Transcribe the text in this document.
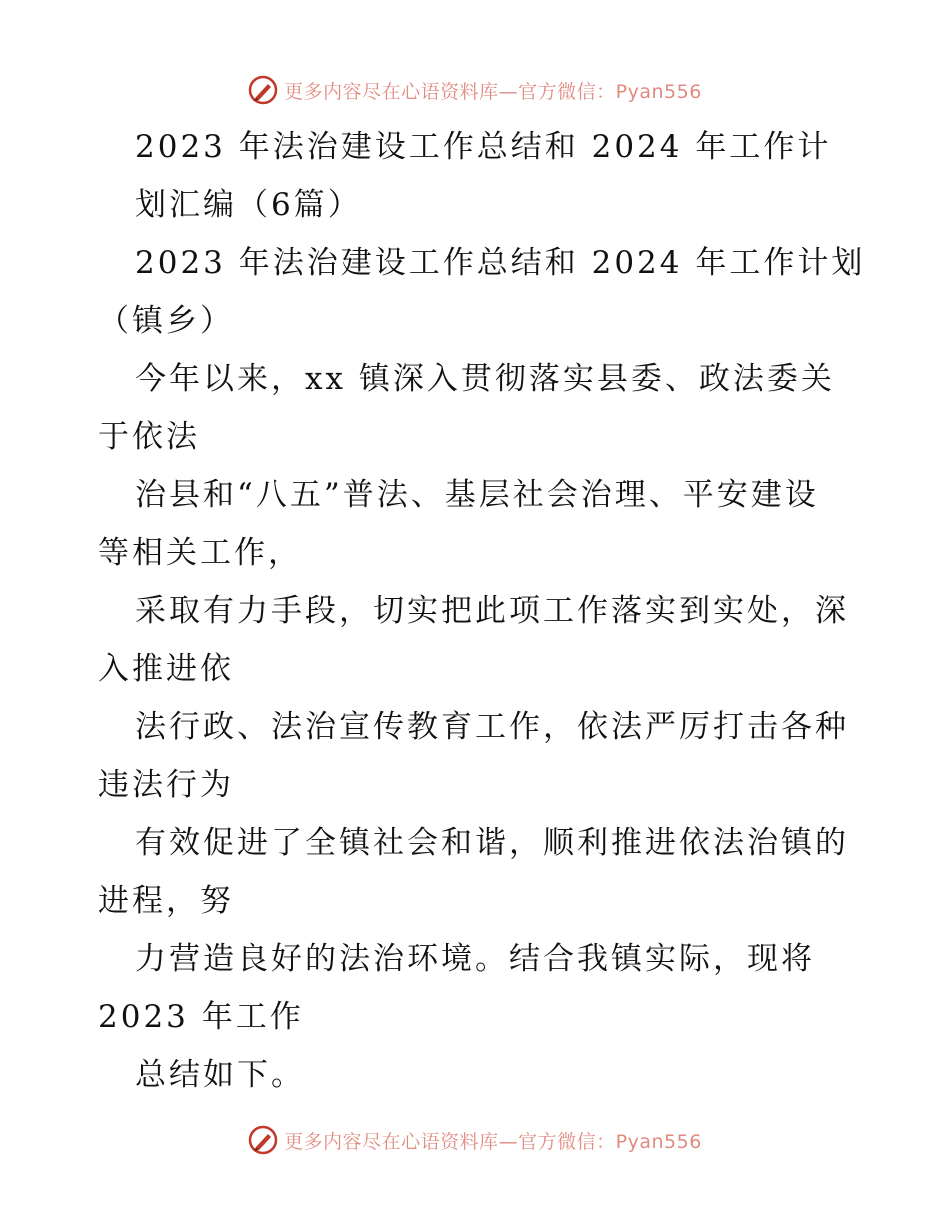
更多内容尽在心语资料库—官方微信：Pyan556
2023 年法治建设工作总结和 2024 年工作计
划汇编（6篇）
2023 年法治建设工作总结和 2024 年工作计划
（镇乡）
今年以来，xx 镇深入贯彻落实县委、政法委关
于依法
治县和“八五”普法、基层社会治理、平安建设
等相关工作，
采取有力手段，切实把此项工作落实到实处，深
入推进依
法行政、法治宣传教育工作，依法严厉打击各种
违法行为
有效促进了全镇社会和谐，顺利推进依法治镇的
进程，努
力营造良好的法治环境。结合我镇实际，现将
2023 年工作
总结如下。
更多内容尽在心语资料库—官方微信：Pyan556
